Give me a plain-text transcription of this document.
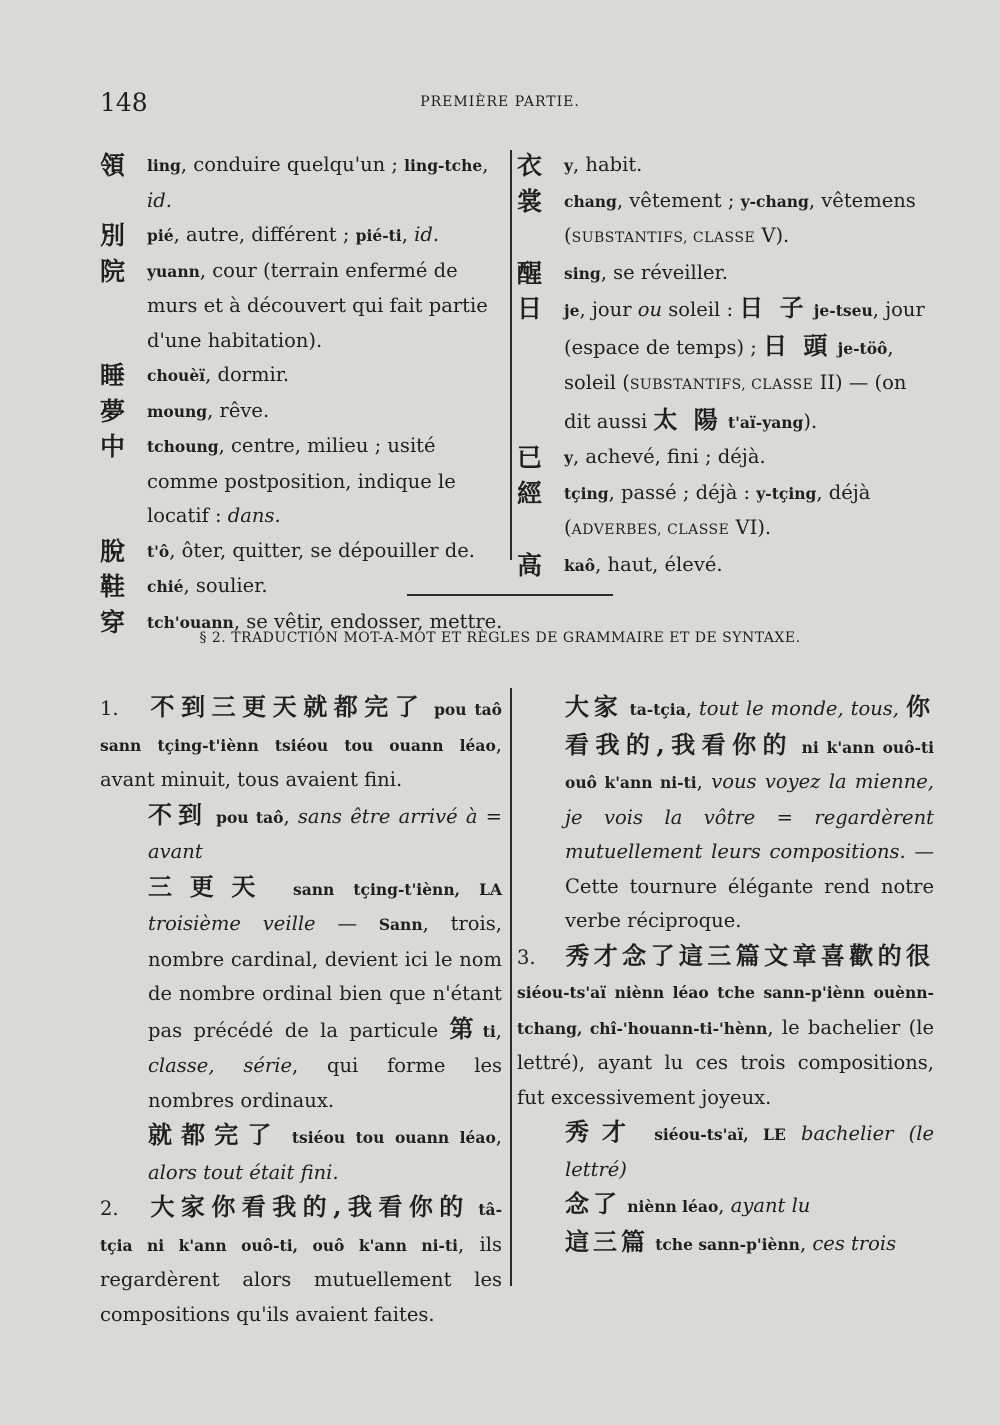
148	PREMIÈRE PARTIE.
領 ling, conduire quelqu'un ; ling-tche, id.
別 pié, autre, différent ; pié-ti, id.
院 yuann, cour (terrain enfermé de murs et à découvert qui fait partie d'une habitation).
睡 chouèï, dormir.
夢 moung, rêve.
中 tchoung, centre, milieu ; usité comme postposition, indique le locatif : dans.
脫 t'ô, ôter, quitter, se dépouiller de.
鞋 chié, soulier.
穿 tch'ouann, se vêtir, endosser, mettre.
衣 y, habit.
裳 chang, vêtement ; y-chang, vêtemens (SUBSTANTIFS, CLASSE V).
醒 sing, se réveiller.
日 je, jour ou soleil : 日 子 je-tseu, jour (espace de temps) ; 日 頭 je-töô, soleil (SUBSTANTIFS, CLASSE II) — (on dit aussi 太 陽 t'aï-yang).
已 y, achevé, fini ; déjà.
經 tçing, passé ; déjà : y-tçing, déjà (ADVERBES, CLASSE VI).
高 kaô, haut, élevé.
§ 2. TRADUCTION MOT-A-MOT ET RÈGLES DE GRAMMAIRE ET DE SYNTAXE.

1. 不到三更天就都完了 pou taô sann tçing-t'iènn tsiéou tou ouann léao, avant minuit, tous avaient fini.

不到 pou taô, sans être arrivé à = avant

三更天 sann tçing-t'iènn, LA troisième veille — Sann, trois, nombre cardinal, devient ici le nom de nombre ordinal bien que n'étant pas précédé de la particule 第ti, classe, série, qui forme les nombres ordinaux.

就都完了 tsiéou tou ouann léao, alors tout était fini.

2. 大家你看我的,我看你的 tâ-tçia ni k'ann ouô-ti, ouô k'ann ni-ti, ils regardèrent alors mutuellement les compositions qu'ils avaient faites.

大家 ta-tçia, tout le monde, tous, 你看我的,我看你的 ni k'ann ouô-ti ouô k'ann ni-ti, vous voyez la mienne, je vois la vôtre = regardèrent mutuellement leurs compositions. — Cette tournure élégante rend notre verbe réciproque.

3. 秀才念了這三篇文章喜歡的很 siéou-ts'aï niènn léao tche sann-p'iènn ouènn-tchang, chî-'houann-ti-'hènn, le bachelier (le lettré), ayant lu ces trois compositions, fut excessivement joyeux.

秀才 siéou-ts'aï, LE bachelier (le lettré)

念了 niènn léao, ayant lu

這三篇 tche sann-p'iènn, ces trois
